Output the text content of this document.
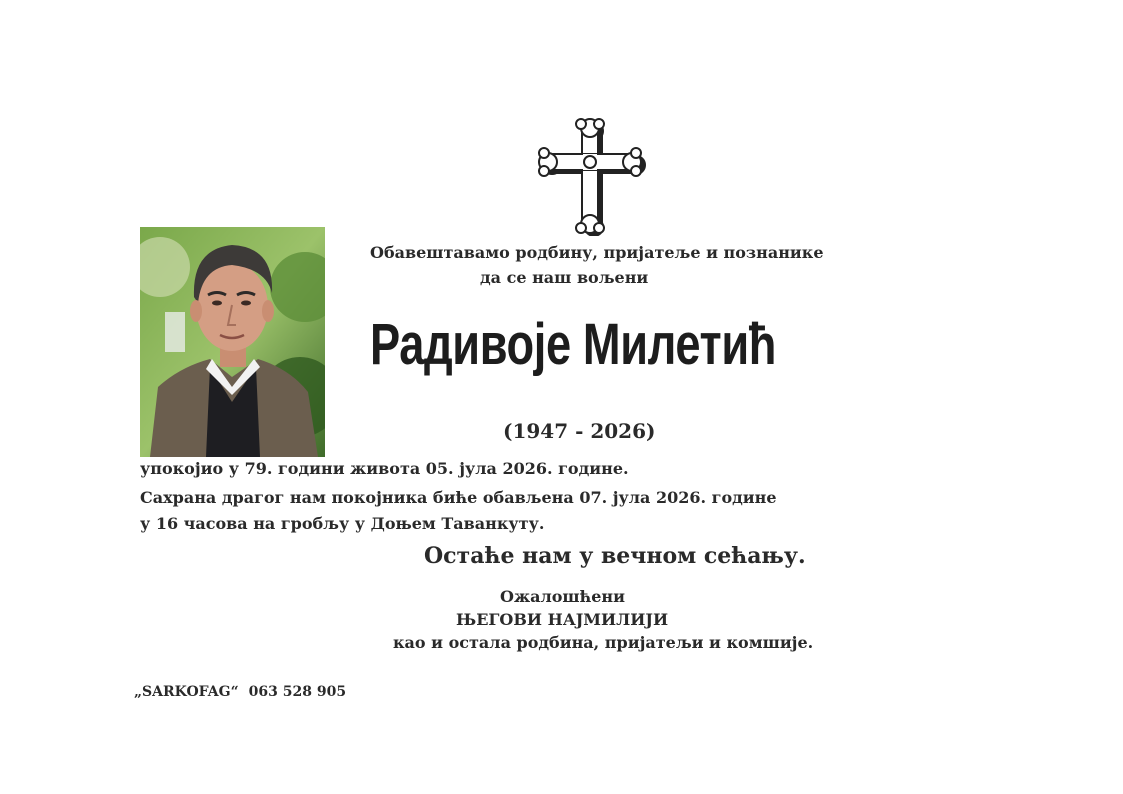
Обавештавамо родбину, пријатеље и познанике
да се наш вољени
Радивоје Милетић
(1947 - 2026)
упокојио у 79. години живота 05. јула 2026. године.
Сахрана драгог нам покојника биће обављена 07. јула 2026. године
у 16 часова на гробљу у Доњем Таванкуту.
Остаће нам у вечном сећању.
Ожалошћени
ЊЕГОВИ НАЈМИЛИЈИ
као и остала родбина, пријатељи и комшије.
„SARKOFAG“ 063 528 905
